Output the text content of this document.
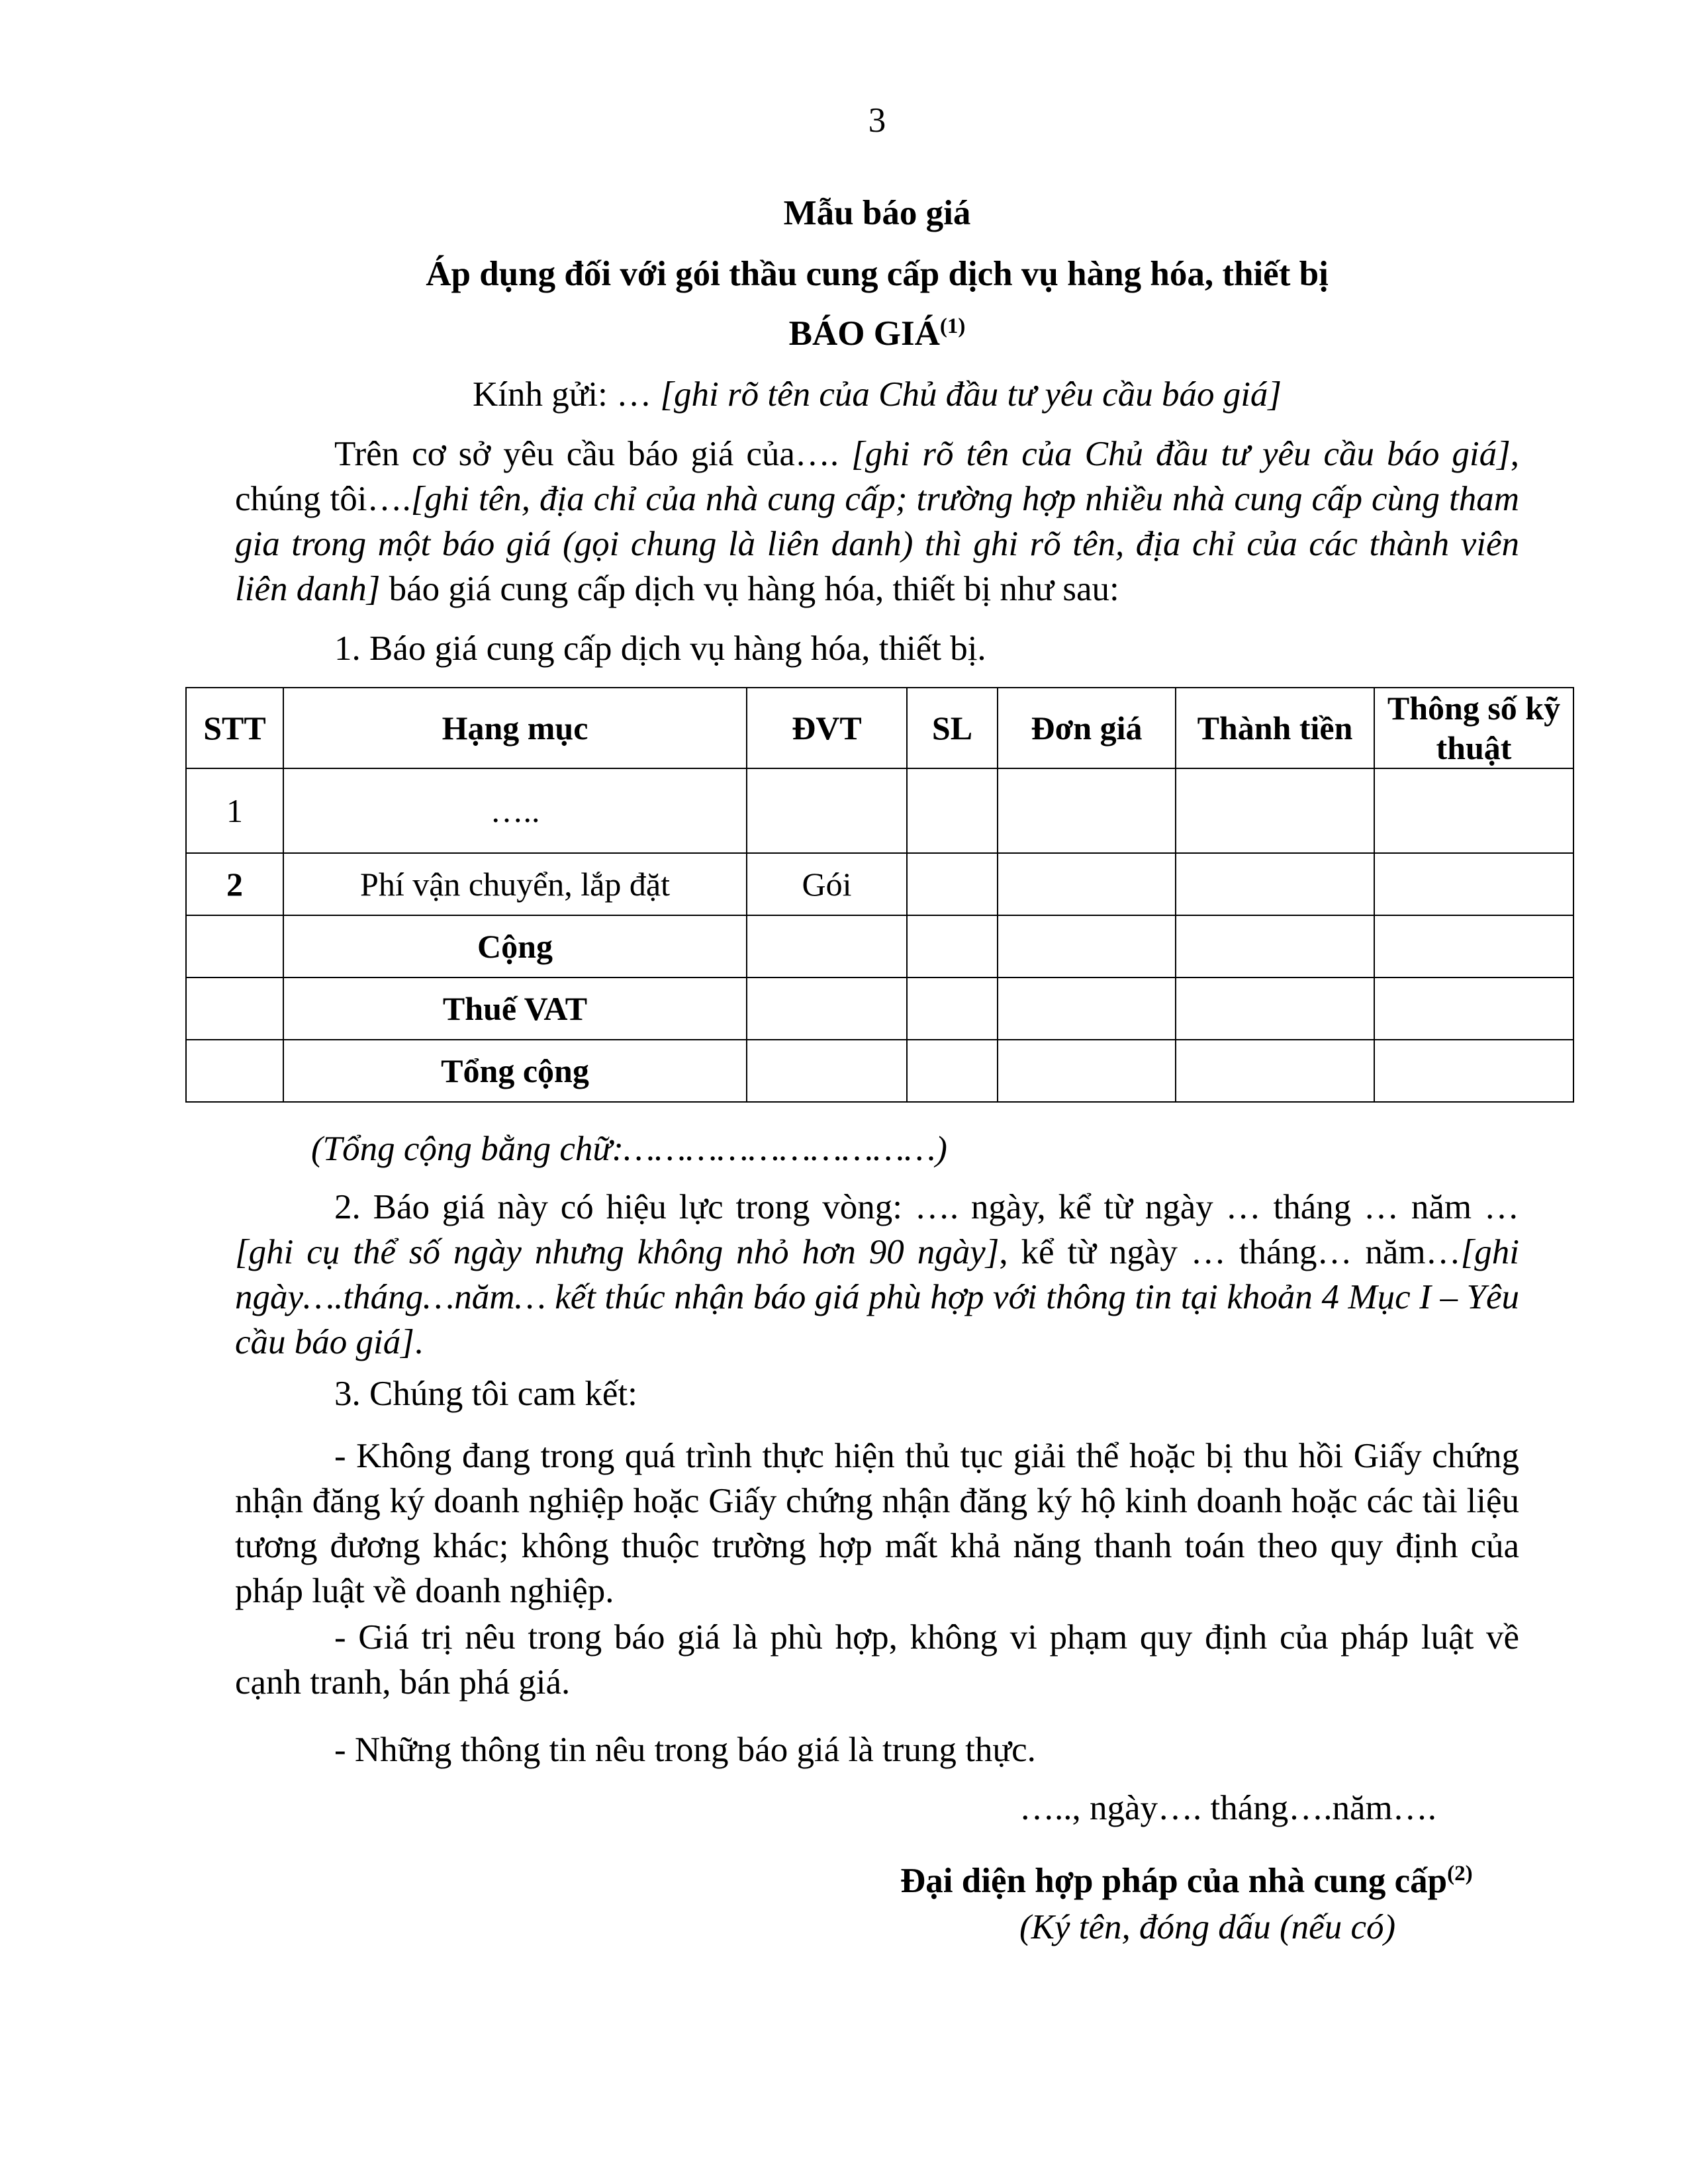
3
Mẫu báo giá
Áp dụng đối với gói thầu cung cấp dịch vụ hàng hóa, thiết bị
BÁO GIÁ$^{(1)}$
Kính gửi: … [ghi rõ tên của Chủ đầu tư yêu cầu báo giá]
Trên cơ sở yêu cầu báo giá của…. [ghi rõ tên của Chủ đầu tư yêu cầu báo giá], chúng tôi….[ghi tên, địa chỉ của nhà cung cấp; trường hợp nhiều nhà cung cấp cùng tham gia trong một báo giá (gọi chung là liên danh) thì ghi rõ tên, địa chỉ của các thành viên liên danh] báo giá cung cấp dịch vụ hàng hóa, thiết bị như sau:
1. Báo giá cung cấp dịch vụ hàng hóa, thiết bị.
STT	Hạng mục	ĐVT	SL	Đơn giá	Thành tiền	Thông số kỹ thuật
1	…..					
2	Phí vận chuyển, lắp đặt	Gói				
	Cộng					
	Thuế VAT					
	Tổng cộng					
(Tổng cộng bằng chữ:…………………………)
2. Báo giá này có hiệu lực trong vòng: …. ngày, kể từ ngày … tháng … năm … [ghi cụ thể số ngày nhưng không nhỏ hơn 90 ngày], kể từ ngày … tháng… năm…[ghi ngày….tháng…năm… kết thúc nhận báo giá phù hợp với thông tin tại khoản 4 Mục I – Yêu cầu báo giá].
3. Chúng tôi cam kết:
- Không đang trong quá trình thực hiện thủ tục giải thể hoặc bị thu hồi Giấy chứng nhận đăng ký doanh nghiệp hoặc Giấy chứng nhận đăng ký hộ kinh doanh hoặc các tài liệu tương đương khác; không thuộc trường hợp mất khả năng thanh toán theo quy định của pháp luật về doanh nghiệp.
- Giá trị nêu trong báo giá là phù hợp, không vi phạm quy định của pháp luật về cạnh tranh, bán phá giá.
- Những thông tin nêu trong báo giá là trung thực.
….., ngày…. tháng….năm….
Đại diện hợp pháp của nhà cung cấp$^{(2)}$
(Ký tên, đóng dấu (nếu có)
